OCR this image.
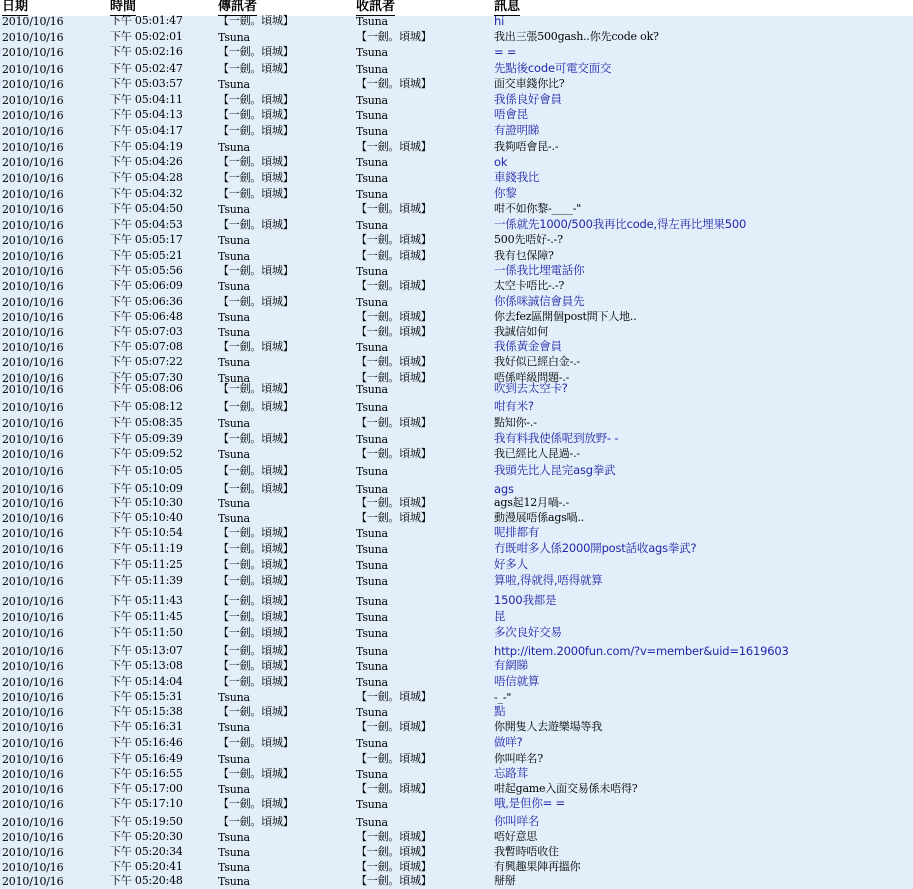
日期	時間	傳訊者	收訊者	訊息
2010/10/16	下午 05:01:47	【一劍。頃城】	Tsuna	hi
2010/10/16	下午 05:02:01	Tsuna	【一劍。頃城】	我出三張500gash..你先code ok?
2010/10/16	下午 05:02:16	【一劍。頃城】	Tsuna	= =
2010/10/16	下午 05:02:47	【一劍。頃城】	Tsuna	先點後code可電交面交
2010/10/16	下午 05:03:57	Tsuna	【一劍。頃城】	面交車錢你比?
2010/10/16	下午 05:04:11	【一劍。頃城】	Tsuna	我係良好會員
2010/10/16	下午 05:04:13	【一劍。頃城】	Tsuna	唔會昆
2010/10/16	下午 05:04:17	【一劍。頃城】	Tsuna	有證明睇
2010/10/16	下午 05:04:19	Tsuna	【一劍。頃城】	我夠唔會昆-.-
2010/10/16	下午 05:04:26	【一劍。頃城】	Tsuna	ok
2010/10/16	下午 05:04:28	【一劍。頃城】	Tsuna	車錢我比
2010/10/16	下午 05:04:32	【一劍。頃城】	Tsuna	你黎
2010/10/16	下午 05:04:50	Tsuna	【一劍。頃城】	咁不如你黎-____-"
2010/10/16	下午 05:04:53	【一劍。頃城】	Tsuna	一係就先1000/500我再比code,得左再比埋果500
2010/10/16	下午 05:05:17	Tsuna	【一劍。頃城】	500先唔好-.-?
2010/10/16	下午 05:05:21	Tsuna	【一劍。頃城】	我有乜保障?
2010/10/16	下午 05:05:56	【一劍。頃城】	Tsuna	一係我比埋電話你
2010/10/16	下午 05:06:09	Tsuna	【一劍。頃城】	太空卡唔比-.-?
2010/10/16	下午 05:06:36	【一劍。頃城】	Tsuna	你係咪誠信會員先
2010/10/16	下午 05:06:48	Tsuna	【一劍。頃城】	你去fez區開個post問下人地..
2010/10/16	下午 05:07:03	Tsuna	【一劍。頃城】	我誠信如何
2010/10/16	下午 05:07:08	【一劍。頃城】	Tsuna	我係黃金會員
2010/10/16	下午 05:07:22	Tsuna	【一劍。頃城】	我好似已經白金-.-
2010/10/16	下午 05:07:30	Tsuna	【一劍。頃城】	唔係咩級問題-.-
2010/10/16	下午 05:08:06	【一劍。頃城】	Tsuna	吹到去太空卡?
2010/10/16	下午 05:08:12	【一劍。頃城】	Tsuna	咁有米?
2010/10/16	下午 05:08:35	Tsuna	【一劍。頃城】	點知你-.-
2010/10/16	下午 05:09:39	【一劍。頃城】	Tsuna	我有料我使係呢到放野- -
2010/10/16	下午 05:09:52	Tsuna	【一劍。頃城】	我已經比人昆過-.-
2010/10/16	下午 05:10:05	【一劍。頃城】	Tsuna	我頭先比人昆完asg拳武
2010/10/16	下午 05:10:09	【一劍。頃城】	Tsuna	ags
2010/10/16	下午 05:10:30	Tsuna	【一劍。頃城】	ags起12月喎-.-
2010/10/16	下午 05:10:40	Tsuna	【一劍。頃城】	動漫展唔係ags喎..
2010/10/16	下午 05:10:54	【一劍。頃城】	Tsuna	呢排都有
2010/10/16	下午 05:11:19	【一劍。頃城】	Tsuna	冇既咁多人係2000開post話收ags拳武?
2010/10/16	下午 05:11:25	【一劍。頃城】	Tsuna	好多人
2010/10/16	下午 05:11:39	【一劍。頃城】	Tsuna	算啦,得就得,唔得就算
2010/10/16	下午 05:11:43	【一劍。頃城】	Tsuna	1500我都是
2010/10/16	下午 05:11:45	【一劍。頃城】	Tsuna	昆
2010/10/16	下午 05:11:50	【一劍。頃城】	Tsuna	多次良好交易
2010/10/16	下午 05:13:07	【一劍。頃城】	Tsuna	http://item.2000fun.com/?v=member&uid=1619603
2010/10/16	下午 05:13:08	【一劍。頃城】	Tsuna	有網睇
2010/10/16	下午 05:14:04	【一劍。頃城】	Tsuna	唔信就算
2010/10/16	下午 05:15:31	Tsuna	【一劍。頃城】	-_-"
2010/10/16	下午 05:15:38	【一劍。頃城】	Tsuna	點
2010/10/16	下午 05:16:31	Tsuna	【一劍。頃城】	你開隻人去遊樂場等我
2010/10/16	下午 05:16:46	【一劍。頃城】	Tsuna	做咩?
2010/10/16	下午 05:16:49	Tsuna	【一劍。頃城】	你叫咩名?
2010/10/16	下午 05:16:55	【一劍。頃城】	Tsuna	忘路茸
2010/10/16	下午 05:17:00	Tsuna	【一劍。頃城】	咁起game入面交易係未唔得?
2010/10/16	下午 05:17:10	【一劍。頃城】	Tsuna	哦,是但你= =
2010/10/16	下午 05:19:50	【一劍。頃城】	Tsuna	你叫咩名
2010/10/16	下午 05:20:30	Tsuna	【一劍。頃城】	唔好意思
2010/10/16	下午 05:20:34	Tsuna	【一劍。頃城】	我暫時唔收住
2010/10/16	下午 05:20:41	Tsuna	【一劍。頃城】	有興趣果陣再搵你
2010/10/16	下午 05:20:48	Tsuna	【一劍。頃城】	掰掰
